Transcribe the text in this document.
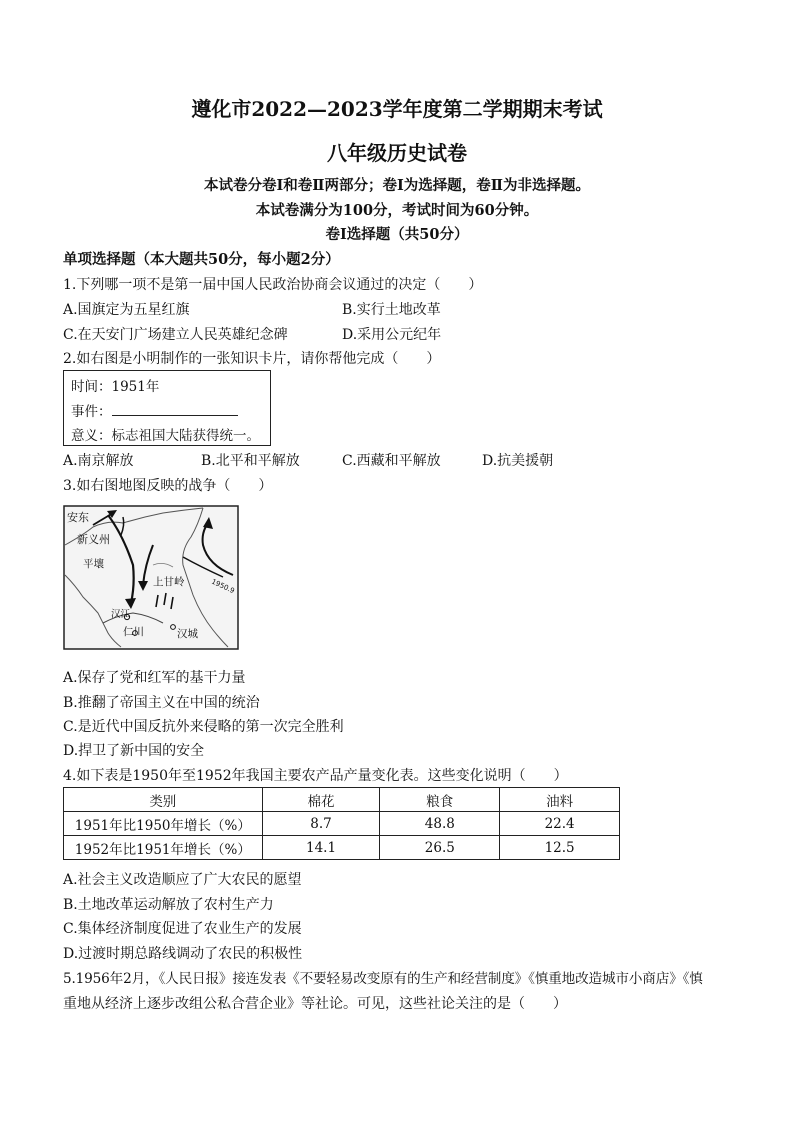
遵化市2022—2023学年度第二学期期末考试
八年级历史试卷
本试卷分卷Ⅰ和卷Ⅱ两部分；卷Ⅰ为选择题，卷Ⅱ为非选择题。
本试卷满分为100分，考试时间为60分钟。
卷Ⅰ选择题（共50分）
单项选择题（本大题共50分，每小题2分）
1.下列哪一项不是第一届中国人民政治协商会议通过的决定（　　）
A.国旗定为五星红旗	B.实行土地改革
C.在天安门广场建立人民英雄纪念碑	D.采用公元纪年
2.如右图是小明制作的一张知识卡片，请你帮他完成（　　）
时间：1951年
事件：
意义：标志祖国大陆获得统一。
A.南京解放	B.北平和平解放	C.西藏和平解放	D.抗美援朝
3.如右图地图反映的战争（　　）
安东
新义州
平壤
上甘岭	1950.9
仁川	汉城
汉江
A.保存了党和红军的基干力量
B.推翻了帝国主义在中国的统治
C.是近代中国反抗外来侵略的第一次完全胜利
D.捍卫了新中国的安全
4.如下表是1950年至1952年我国主要农产品产量变化表。这些变化说明（　　）
类别	棉花	粮食	油料
1951年比1950年增长（%）	8.7	48.8	22.4
1952年比1951年增长（%）	14.1	26.5	12.5
A.社会主义改造顺应了广大农民的愿望
B.土地改革运动解放了农村生产力
C.集体经济制度促进了农业生产的发展
D.过渡时期总路线调动了农民的积极性
5.1956年2月，《人民日报》接连发表《不要轻易改变原有的生产和经营制度》《慎重地改造城市小商店》《慎
重地从经济上逐步改组公私合营企业》等社论。可见，这些社论关注的是（　　）
